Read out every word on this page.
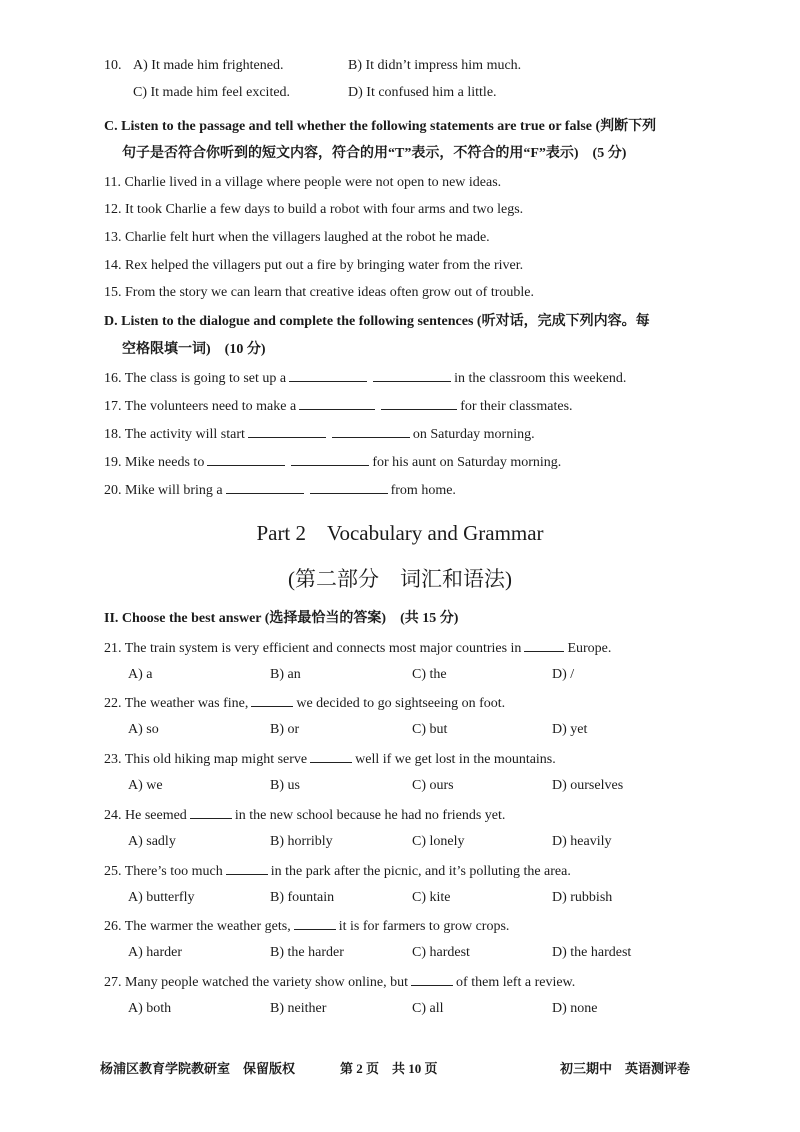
10. A) It made him frightened.	B) It didn’t impress him much.
C) It made him feel excited.	D) It confused him a little.
C. Listen to the passage and tell whether the following statements are true or false (判断下列
句子是否符合你听到的短文内容，符合的用“T”表示，不符合的用“F”表示)　(5 分)
11. Charlie lived in a village where people were not open to new ideas.
12. It took Charlie a few days to build a robot with four arms and two legs.
13. Charlie felt hurt when the villagers laughed at the robot he made.
14. Rex helped the villagers put out a fire by bringing water from the river.
15. From the story we can learn that creative ideas often grow out of trouble.
D. Listen to the dialogue and complete the following sentences (听对话，完成下列内容。每
空格限填一词)　(10 分)
16. The class is going to set up a	in the classroom this weekend.
17. The volunteers need to make a	for their classmates.
18. The activity will start	on Saturday morning.
19. Mike needs to	for his aunt on Saturday morning.
20. Mike will bring a	from home.
Part 2　Vocabulary and Grammar
(第二部分　词汇和语法)
II. Choose the best answer (选择最恰当的答案)　(共 15 分)
21. The train system is very efficient and connects most major countries in	Europe.
A) a	B) an	C) the	D) /
22. The weather was fine,	we decided to go sightseeing on foot.
A) so	B) or	C) but	D) yet
23. This old hiking map might serve	well if we get lost in the mountains.
A) we	B) us	C) ours	D) ourselves
24. He seemed	in the new school because he had no friends yet.
A) sadly	B) horribly	C) lonely	D) heavily
25. There’s too much	in the park after the picnic, and it’s polluting the area.
A) butterfly	B) fountain	C) kite	D) rubbish
26. The warmer the weather gets,	it is for farmers to grow crops.
A) harder	B) the harder	C) hardest	D) the hardest
27. Many people watched the variety show online, but	of them left a review.
A) both	B) neither	C) all	D) none
杨浦区教育学院教研室　保留版权	第 2 页　共 10 页	初三期中　英语测评卷
